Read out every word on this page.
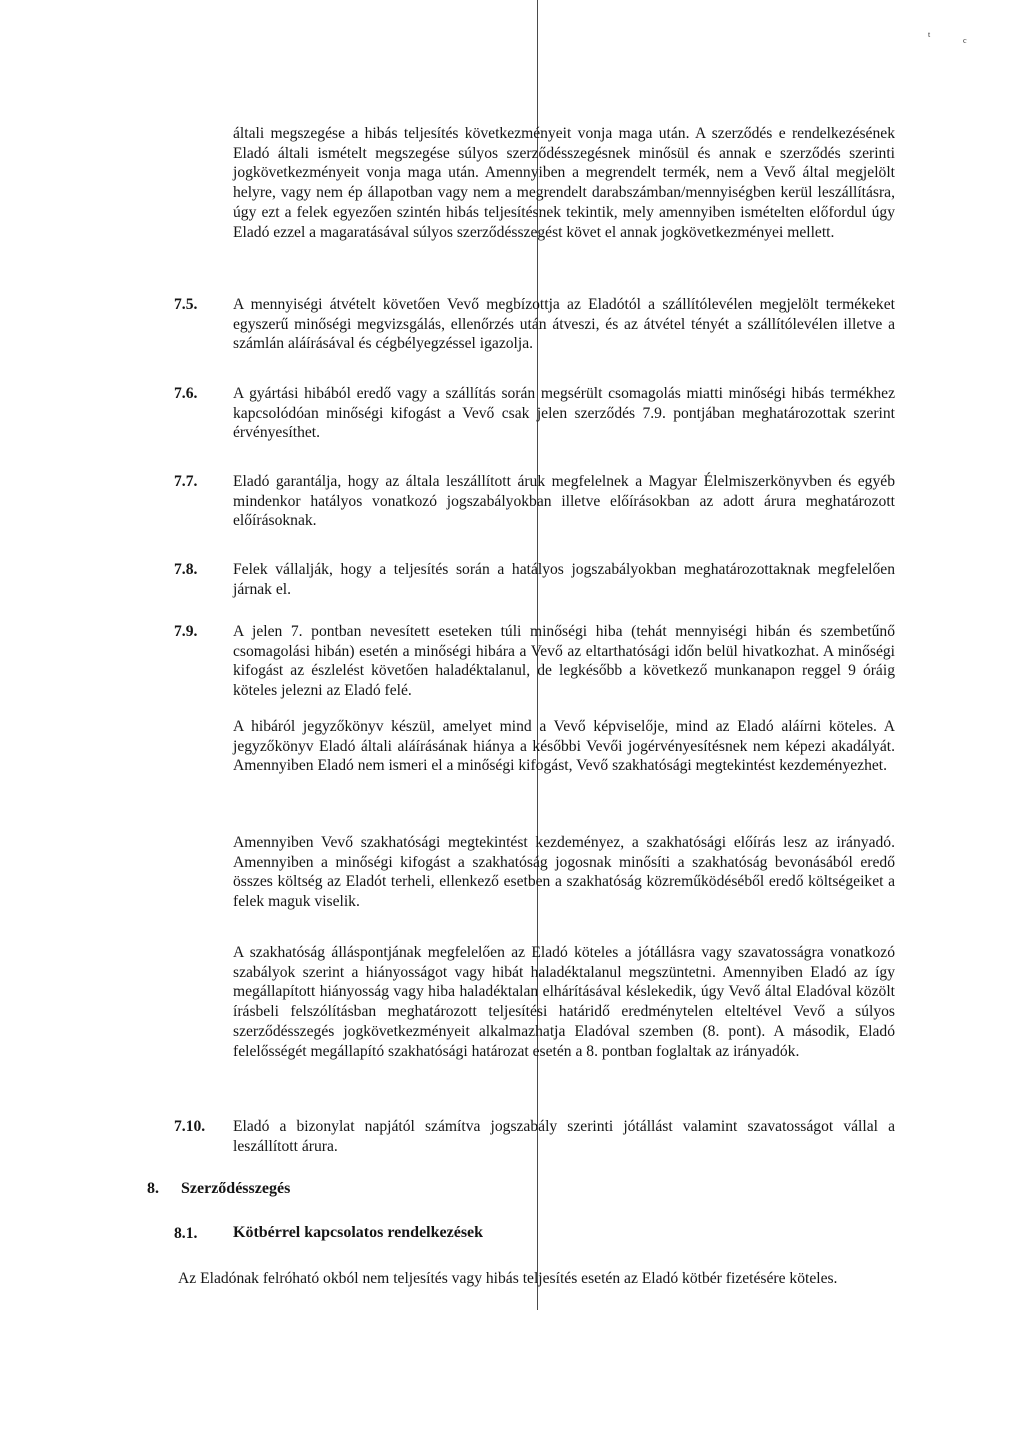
t
c

általi megszegése a hibás teljesítés következményeit vonja maga után. A szerződés e rendelkezésének Eladó általi ismételt megszegése súlyos szerződésszegésnek minősül és annak e szerződés szerinti jogkövetkezményeit vonja maga után. Amennyiben a megrendelt termék, nem a Vevő által megjelölt helyre, vagy nem ép állapotban vagy nem a megrendelt darabszámban/mennyiségben kerül leszállításra, úgy ezt a felek egyezően szintén hibás teljesítésnek tekintik, mely amennyiben ismételten előfordul úgy Eladó ezzel a magaratásával súlyos szerződésszegést követ el annak jogkövetkezményei mellett.

7.5. A mennyiségi átvételt követően Vevő megbízottja az Eladótól a szállítólevélen megjelölt termékeket egyszerű minőségi megvizsgálás, ellenőrzés után átveszi, és az átvétel tényét a szállítólevélen illetve a számlán aláírásával és cégbélyegzéssel igazolja.

7.6. A gyártási hibából eredő vagy a szállítás során megsérült csomagolás miatti minőségi hibás termékhez kapcsolódóan minőségi kifogást a Vevő csak jelen szerződés 7.9. pontjában meghatározottak szerint érvényesíthet.

7.7. Eladó garantálja, hogy az általa leszállított áruk megfelelnek a Magyar Élelmiszerkönyvben és egyéb mindenkor hatályos vonatkozó jogszabályokban illetve előírásokban az adott árura meghatározott előírásoknak.

7.8. Felek vállalják, hogy a teljesítés során a hatályos jogszabályokban meghatározottaknak megfelelően járnak el.

7.9. A jelen 7. pontban nevesített eseteken túli minőségi hiba (tehát mennyiségi hibán és szembetűnő csomagolási hibán) esetén a minőségi hibára a Vevő az eltarthatósági időn belül hivatkozhat. A minőségi kifogást az észlelést követően haladéktalanul, de legkésőbb a következő munkanapon reggel 9 óráig köteles jelezni az Eladó felé.

A hibáról jegyzőkönyv készül, amelyet mind a Vevő képviselője, mind az Eladó aláírni köteles. A jegyzőkönyv Eladó általi aláírásának hiánya a későbbi Vevői jogérvényesítésnek nem képezi akadályát. Amennyiben Eladó nem ismeri el a minőségi kifogást, Vevő szakhatósági megtekintést kezdeményezhet.

Amennyiben Vevő szakhatósági megtekintést kezdeményez, a szakhatósági előírás lesz az irányadó. Amennyiben a minőségi kifogást a szakhatóság jogosnak minősíti a szakhatóság bevonásából eredő összes költség az Eladót terheli, ellenkező esetben a szakhatóság közreműködéséből eredő költségeiket a felek maguk viselik.

A szakhatóság álláspontjának megfelelően az Eladó köteles a jótállásra vagy szavatosságra vonatkozó szabályok szerint a hiányosságot vagy hibát haladéktalanul megszüntetni. Amennyiben Eladó az így megállapított hiányosság vagy hiba haladéktalan elhárításával késlekedik, úgy Vevő által Eladóval közölt írásbeli felszólításban meghatározott teljesítési határidő eredménytelen elteltével Vevő a súlyos szerződésszegés jogkövetkezményeit alkalmazhatja Eladóval szemben (8. pont). A második, Eladó felelősségét megállapító szakhatósági határozat esetén a 8. pontban foglaltak az irányadók.

7.10. Eladó a bizonylat napjától számítva jogszabály szerinti jótállást valamint szavatosságot vállal a leszállított árura.

8. Szerződésszegés

8.1. Kötbérrel kapcsolatos rendelkezések

Az Eladónak felróható okból nem teljesítés vagy hibás teljesítés esetén az Eladó kötbér fizetésére köteles.
